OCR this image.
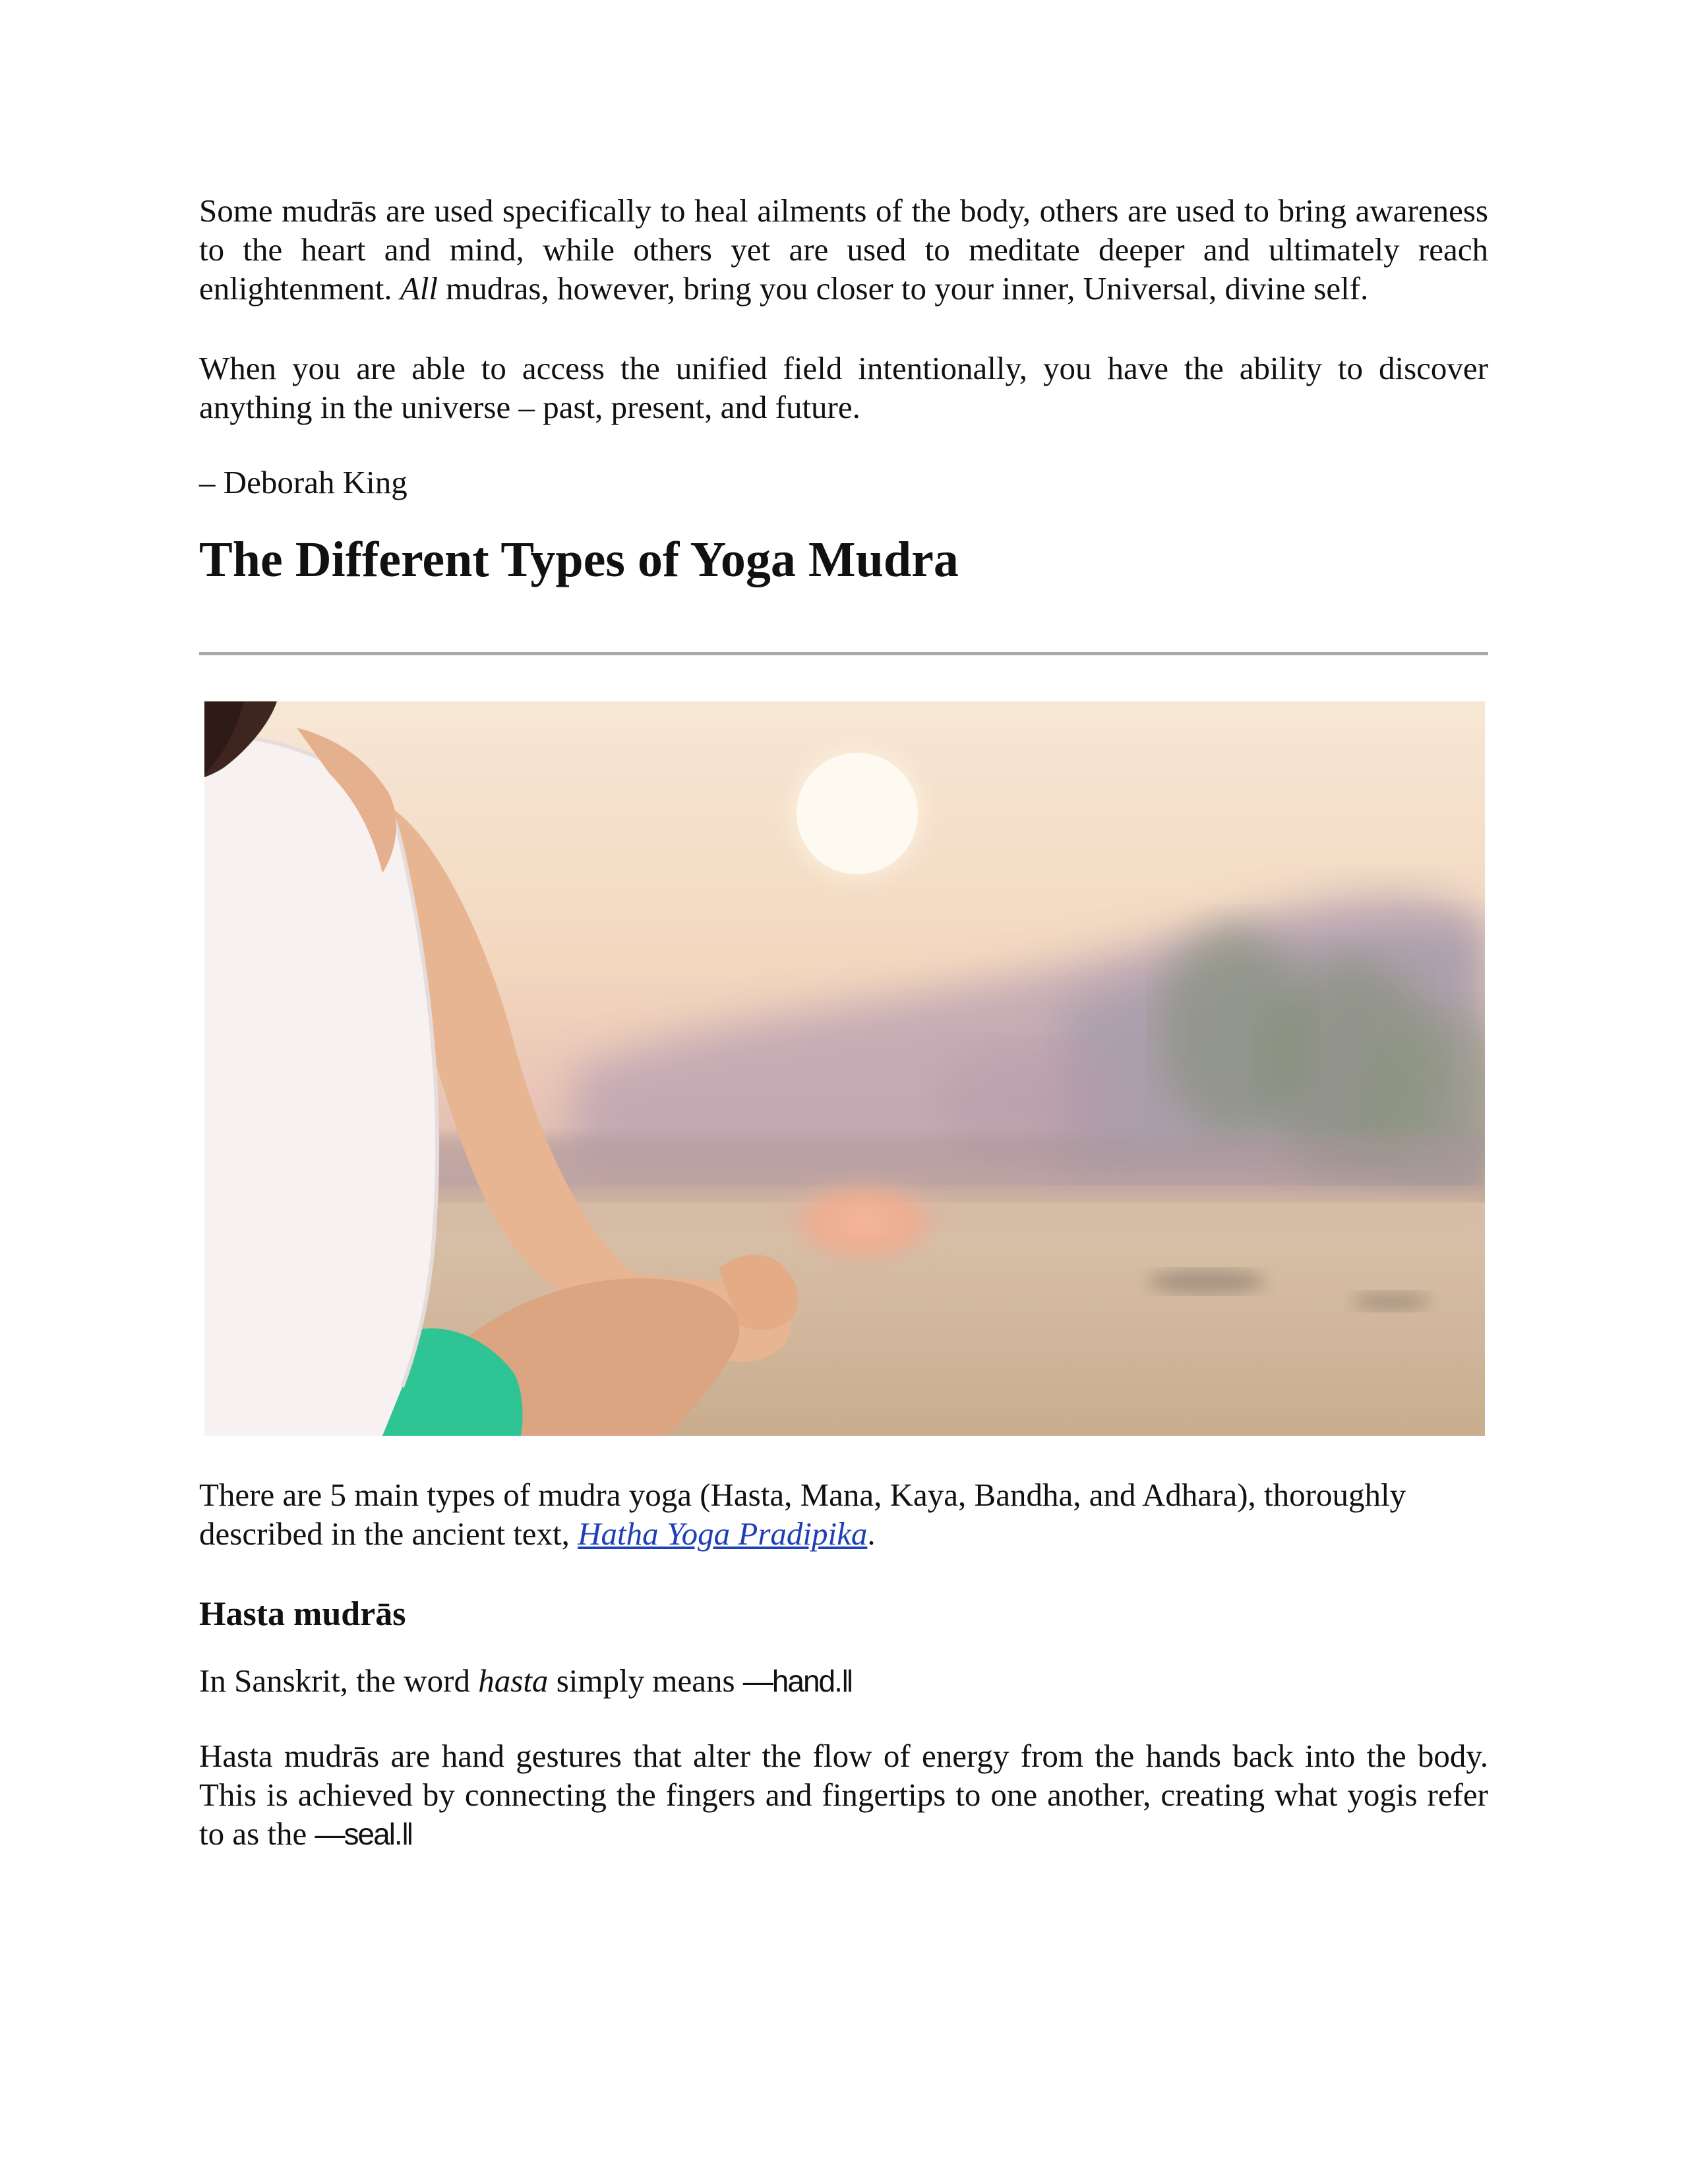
Some mudrās are used specifically to heal ailments of the body, others are used to bring awareness to the heart and mind, while others yet are used to meditate deeper and ultimately reach enlightenment. All mudras, however, bring you closer to your inner, Universal, divine self.

When you are able to access the unified field intentionally, you have the ability to discover anything in the universe – past, present, and future.

– Deborah King

The Different Types of Yoga Mudra

There are 5 main types of mudra yoga (Hasta, Mana, Kaya, Bandha, and Adhara), thoroughly described in the ancient text, Hatha Yoga Pradipika.

Hasta mudrās

In Sanskrit, the word hasta simply means ―hand.‖

Hasta mudrās are hand gestures that alter the flow of energy from the hands back into the body. This is achieved by connecting the fingers and fingertips to one another, creating what yogis refer to as the ―seal.‖
